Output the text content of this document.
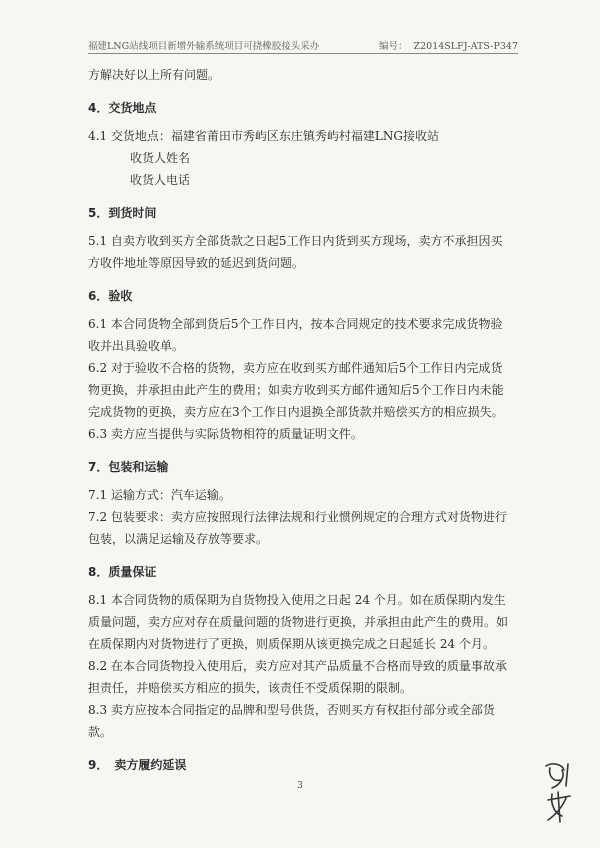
福建LNG站线项目新增外输系统项目可挠橡胶接头采办	编号： Z2014SLFJ-ATS-P347
方解决好以上所有问题。
4．交货地点
4.1 交货地点：福建省莆田市秀屿区东庄镇秀屿村福建LNG接收站
收货人姓名
收货人电话
5．到货时间
5.1 自卖方收到买方全部货款之日起5工作日内货到买方现场，卖方不承担因买
方收件地址等原因导致的延迟到货问题。
6．验收
6.1 本合同货物全部到货后5个工作日内，按本合同规定的技术要求完成货物验
收并出具验收单。
6.2 对于验收不合格的货物，卖方应在收到买方邮件通知后5个工作日内完成货
物更换，并承担由此产生的费用；如卖方收到买方邮件通知后5个工作日内未能
完成货物的更换，卖方应在3个工作日内退换全部货款并赔偿买方的相应损失。
6.3 卖方应当提供与实际货物相符的质量证明文件。
7．包装和运输
7.1 运输方式：汽车运输。
7.2 包装要求：卖方应按照现行法律法规和行业惯例规定的合理方式对货物进行
包装，以满足运输及存放等要求。
8．质量保证
8.1 本合同货物的质保期为自货物投入使用之日起 24 个月。如在质保期内发生
质量问题，卖方应对存在质量问题的货物进行更换，并承担由此产生的费用。如
在质保期内对货物进行了更换，则质保期从该更换完成之日起延长 24 个月。
8.2 在本合同货物投入使用后，卖方应对其产品质量不合格而导致的质量事故承
担责任，并赔偿买方相应的损失，该责任不受质保期的限制。
8.3 卖方应按本合同指定的品牌和型号供货，否则买方有权拒付部分或全部货
款。
9．　卖方履约延误
3
